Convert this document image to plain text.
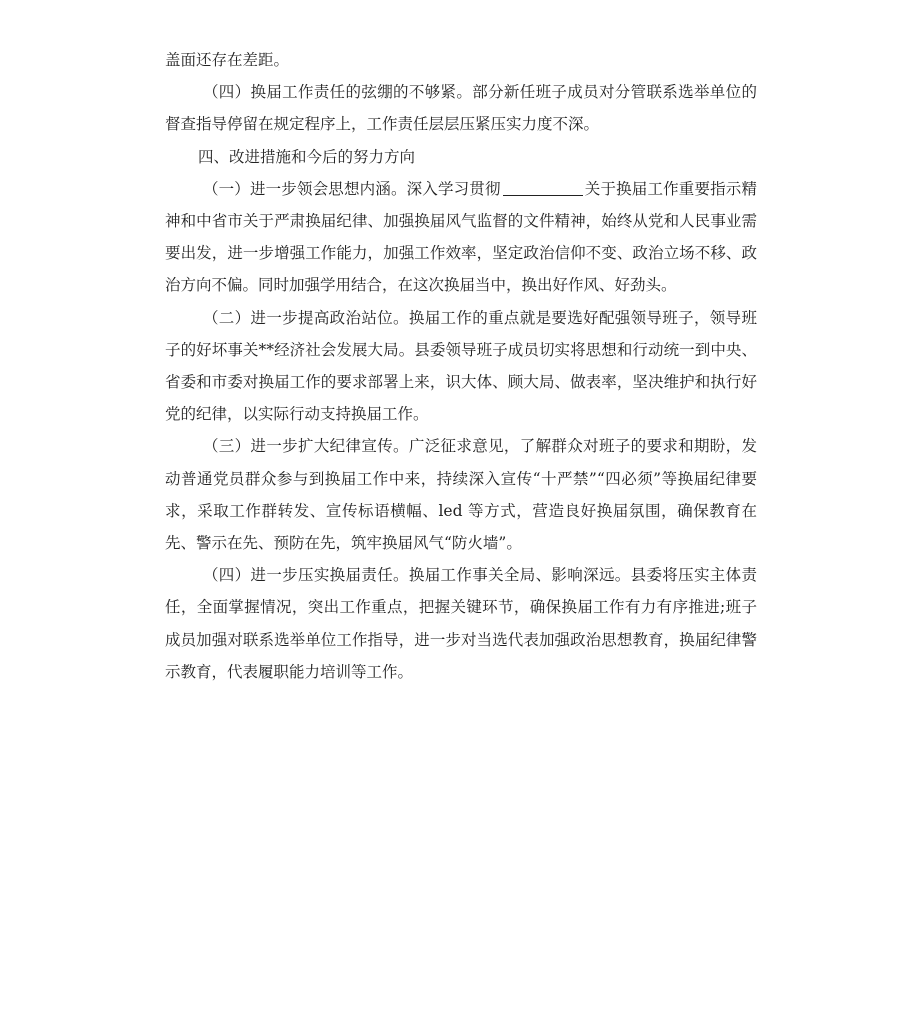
盖面还存在差距。

（四）换届工作责任的弦绷的不够紧。部分新任班子成员对分管联系选举单位的督查指导停留在规定程序上，工作责任层层压紧压实力度不深。

四、改进措施和今后的努力方向

（一）进一步领会思想内涵。深入学习贯彻	关于换届工作重要指示精神和中省市关于严肃换届纪律、加强换届风气监督的文件精神，始终从党和人民事业需要出发，进一步增强工作能力，加强工作效率，坚定政治信仰不变、政治立场不移、政治方向不偏。同时加强学用结合，在这次换届当中，换出好作风、好劲头。

（二）进一步提高政治站位。换届工作的重点就是要选好配强领导班子，领导班子的好坏事关**经济社会发展大局。县委领导班子成员切实将思想和行动统一到中央、省委和市委对换届工作的要求部署上来，识大体、顾大局、做表率，坚决维护和执行好党的纪律，以实际行动支持换届工作。

（三）进一步扩大纪律宣传。广泛征求意见，了解群众对班子的要求和期盼，发动普通党员群众参与到换届工作中来，持续深入宣传“十严禁”“四必须”等换届纪律要求，采取工作群转发、宣传标语横幅、led 等方式，营造良好换届氛围，确保教育在先、警示在先、预防在先，筑牢换届风气“防火墙”。

（四）进一步压实换届责任。换届工作事关全局、影响深远。县委将压实主体责任，全面掌握情况，突出工作重点，把握关键环节，确保换届工作有力有序推进;班子成员加强对联系选举单位工作指导，进一步对当选代表加强政治思想教育，换届纪律警示教育，代表履职能力培训等工作。
